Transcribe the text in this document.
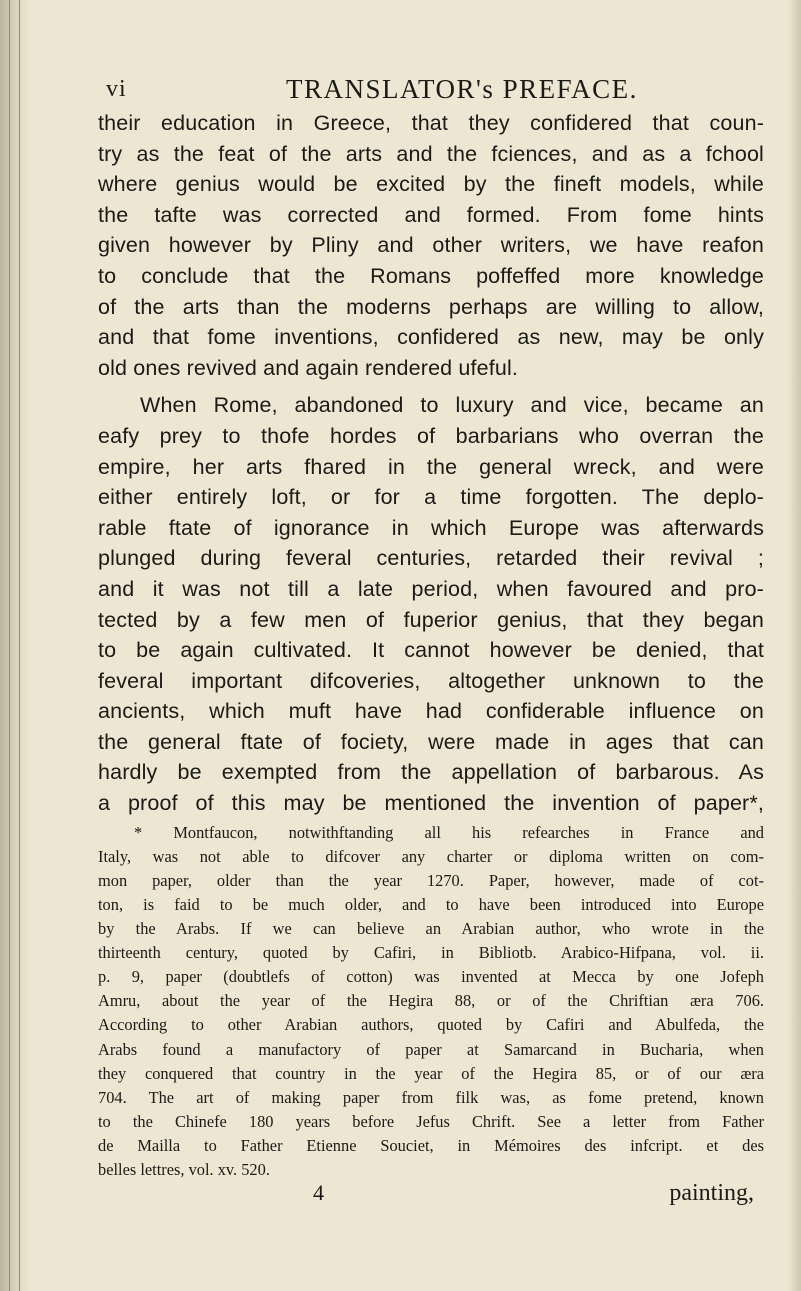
vi	TRANSLATOR's PREFACE.
their education in Greece, that they confidered that coun-
try as the feat of the arts and the fciences, and as a fchool
where genius would be excited by the fineft models, while
the tafte was corrected and formed. From fome hints
given however by Pliny and other writers, we have reafon
to conclude that the Romans poffeffed more knowledge
of the arts than the moderns perhaps are willing to allow,
and that fome inventions, confidered as new, may be only
old ones revived and again rendered ufeful.
When Rome, abandoned to luxury and vice, became an
eafy prey to thofe hordes of barbarians who overran the
empire, her arts fhared in the general wreck, and were
either entirely loft, or for a time forgotten. The deplo-
rable ftate of ignorance in which Europe was afterwards
plunged during feveral centuries, retarded their revival ;
and it was not till a late period, when favoured and pro-
tected by a few men of fuperior genius, that they began
to be again cultivated. It cannot however be denied, that
feveral important difcoveries, altogether unknown to the
ancients, which muft have had confiderable influence on
the general ftate of fociety, were made in ages that can
hardly be exempted from the appellation of barbarous. As
a proof of this may be mentioned the invention of paper*,
* Montfaucon, notwithftanding all his refearches in France and
Italy, was not able to difcover any charter or diploma written on com-
mon paper, older than the year 1270. Paper, however, made of cot-
ton, is faid to be much older, and to have been introduced into Europe
by the Arabs. If we can believe an Arabian author, who wrote in the
thirteenth century, quoted by Cafiri, in Bibliotb. Arabico-Hifpana, vol. ii.
p. 9, paper (doubtlefs of cotton) was invented at Mecca by one Jofeph
Amru, about the year of the Hegira 88, or of the Chriftian æra 706.
According to other Arabian authors, quoted by Cafiri and Abulfeda, the
Arabs found a manufactory of paper at Samarcand in Bucharia, when
they conquered that country in the year of the Hegira 85, or of our æra
704. The art of making paper from filk was, as fome pretend, known
to the Chinefe 180 years before Jefus Chrift. See a letter from Father
de Mailla to Father Etienne Souciet, in Mémoires des infcript. et des
belles lettres, vol. xv. 520.
4	painting,
